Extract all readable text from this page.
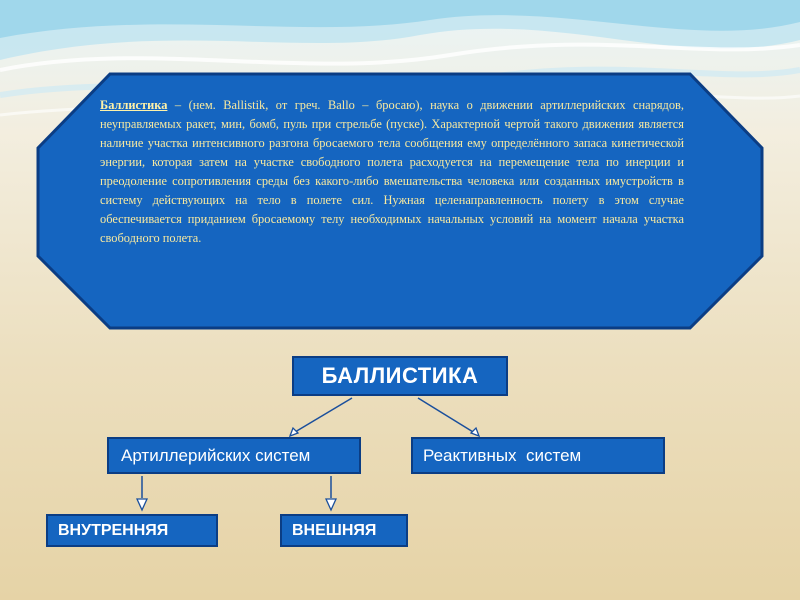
Баллистика – (нем. Ballistik, от греч. Ballo – бросаю), наука о движении артиллерийских снарядов, неуправляемых ракет, мин, бомб, пуль при стрельбе (пуске). Характерной чертой такого движения является наличие участка интенсивного разгона бросаемого тела сообщения ему определённого запаса кинетической энергии, которая затем на участке свободного полета расходуется на перемещение тела по инерции и преодоление сопротивления среды без какого-либо вмешательства человека или созданных имустройств в систему действующих на тело в полете сил. Нужная целенаправленность полету в этом случае обеспечивается приданием бросаемому телу необходимых начальных условий на момент начала участка свободного полета.
БАЛЛИСТИКА
Артиллерийских систем	Реактивных  систем
ВНУТРЕННЯЯ	ВНЕШНЯЯ
